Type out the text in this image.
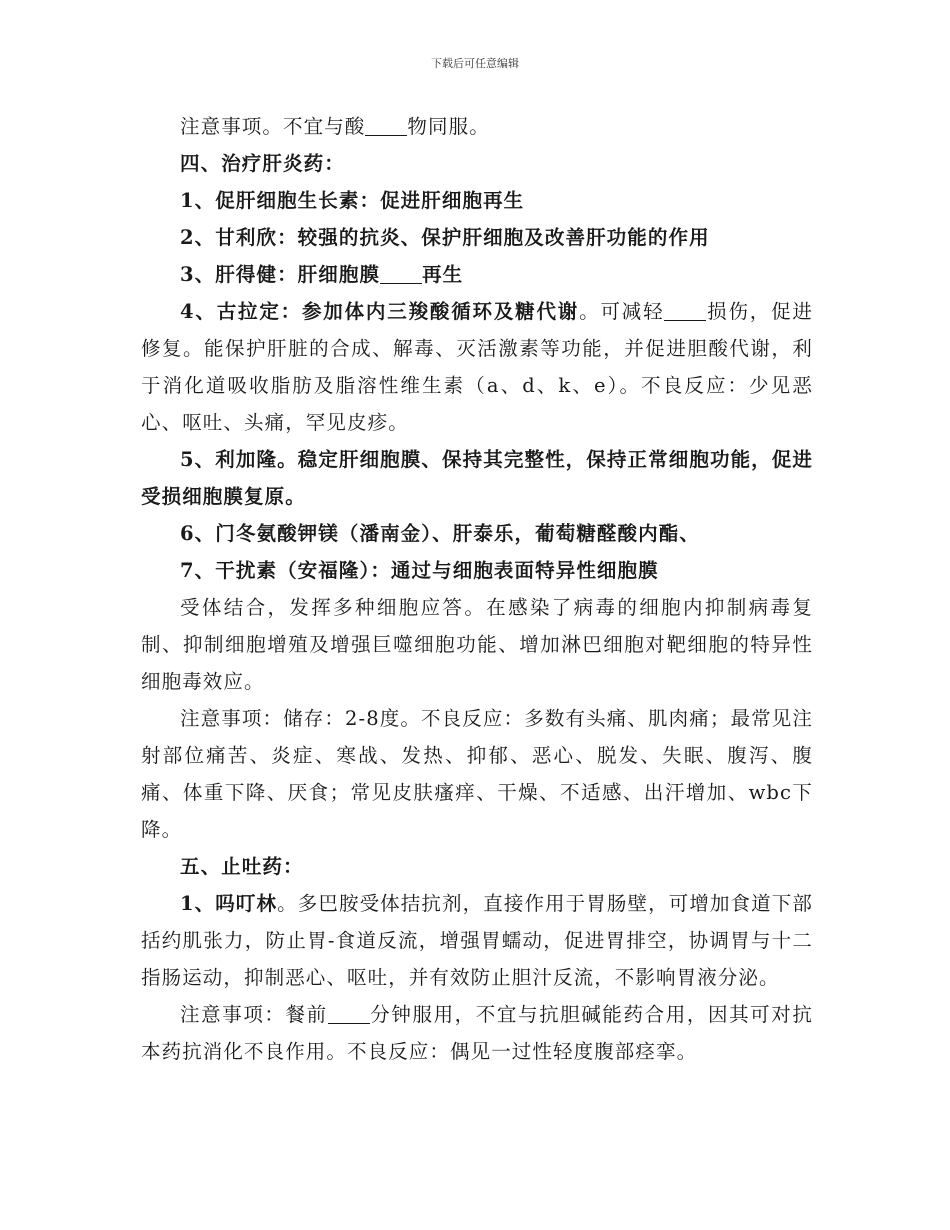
下载后可任意编辑

注意事项。不宜与酸 物同服。

四、治疗肝炎药：

1、促肝细胞生长素：促进肝细胞再生

2、甘利欣：较强的抗炎、保护肝细胞及改善肝功能的作用

3、肝得健：肝细胞膜 再生

4、古拉定：参加体内三羧酸循环及糖代谢。可减轻 损伤，促进修复。能保护肝脏的合成、解毒、灭活激素等功能，并促进胆酸代谢，利于消化道吸收脂肪及脂溶性维生素（a、d、k、e）。不良反应：少见恶心、呕吐、头痛，罕见皮疹。

5、利加隆。稳定肝细胞膜、保持其完整性，保持正常细胞功能，促进受损细胞膜复原。

6、门冬氨酸钾镁（潘南金）、肝泰乐，葡萄糖醛酸内酯、

7、干扰素（安福隆）：通过与细胞表面特异性细胞膜

受体结合，发挥多种细胞应答。在感染了病毒的细胞内抑制病毒复制、抑制细胞增殖及增强巨噬细胞功能、增加淋巴细胞对靶细胞的特异性细胞毒效应。

注意事项：储存：2-8度。不良反应：多数有头痛、肌肉痛；最常见注射部位痛苦、炎症、寒战、发热、抑郁、恶心、脱发、失眠、腹泻、腹痛、体重下降、厌食；常见皮肤瘙痒、干燥、不适感、出汗增加、wbc下降。

五、止吐药：

1、吗叮林。多巴胺受体拮抗剂，直接作用于胃肠壁，可增加食道下部括约肌张力，防止胃-食道反流，增强胃蠕动，促进胃排空，协调胃与十二指肠运动，抑制恶心、呕吐，并有效防止胆汁反流，不影响胃液分泌。

注意事项：餐前 分钟服用，不宜与抗胆碱能药合用，因其可对抗本药抗消化不良作用。不良反应：偶见一过性轻度腹部痉挛。
